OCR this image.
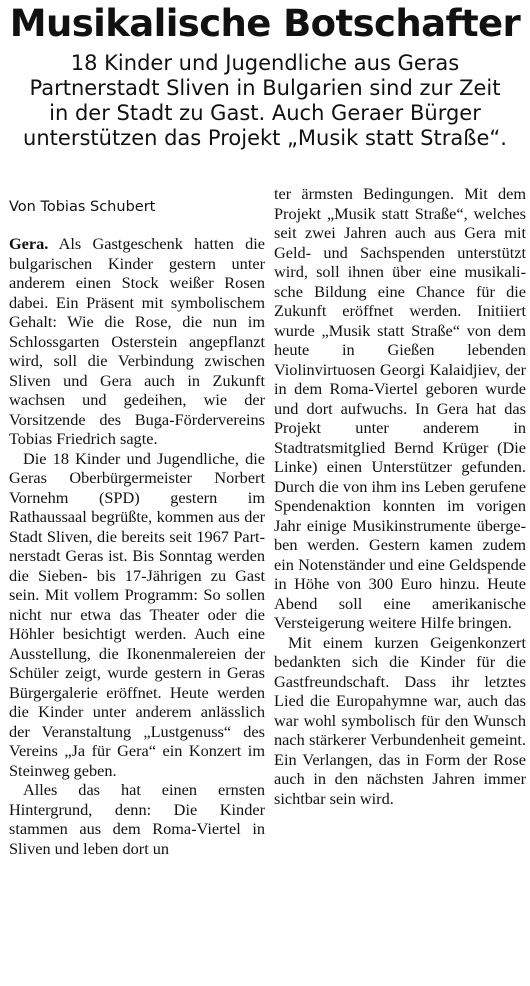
Musikalische Botschafter
18 Kinder und Jugendliche aus Geras
Partnerstadt Sliven in Bulgarien sind zur Zeit
in der Stadt zu Gast. Auch Geraer Bürger
unterstützen das Projekt „Musik statt Straße“.
Von Tobias Schubert

Gera. Als Gastgeschenk hatten die bulgarischen Kinder gestern unter anderem einen Stock weißer Rosen dabei. Ein Präsent mit symbolischem Gehalt: Wie die Rose, die nun im Schlossgarten Osterstein angepflanzt wird, soll die Verbindung zwischen Sliven und Gera auch in Zukunft wachsen und gedeihen, wie der Vorsitzende des Buga-Fördervereins Tobias Friedrich sagte.

Die 18 Kinder und Jugendliche, die Geras Oberbürgermeister Norbert Vornehm (SPD) gestern im Rathaussaal begrüßte, kommen aus der Stadt Sliven, die bereits seit 1967 Partnerstadt Geras ist. Bis Sonntag werden die Sieben- bis 17-Jährigen zu Gast sein. Mit vollem Programm: So sollen nicht nur etwa das Theater oder die Höhler besichtigt werden. Auch eine Ausstellung, die Ikonenmalereien der Schüler zeigt, wurde gestern in Geras Bürgergalerie eröffnet. Heute werden die Kinder unter anderem anlässlich der Veranstaltung „Lustgenuss“ des Vereins „Ja für Gera“ ein Konzert im Steinweg geben.

Alles das hat einen ernsten Hintergrund, denn: Die Kinder stammen aus dem Roma-Viertel in Sliven und leben dort un

ter ärmsten Bedingungen. Mit dem Projekt „Musik statt Straße“, welches seit zwei Jahren auch aus Gera mit Geld- und Sachspenden unterstützt wird, soll ihnen über eine musikalische Bildung eine Chance für die Zukunft eröffnet werden. Initiiert wurde „Musik statt Straße“ von dem heute in Gießen lebenden Violinvirtuosen Georgi Kalaidjiev, der in dem Roma-Viertel geboren wurde und dort aufwuchs. In Gera hat das Projekt unter anderem in Stadtratsmitglied Bernd Krüger (Die Linke) einen Unterstützer gefunden. Durch die von ihm ins Leben gerufene Spendenaktion konnten im vorigen Jahr einige Musikinstrumente übergeben werden. Gestern kamen zudem ein Notenständer und eine Geldspende in Höhe von 300 Euro hinzu. Heute Abend soll eine amerikanische Versteigerung weitere Hilfe bringen.

Mit einem kurzen Geigenkonzert bedankten sich die Kinder für die Gastfreundschaft. Dass ihr letztes Lied die Europahymne war, auch das war wohl symbolisch für den Wunsch nach stärkerer Verbundenheit gemeint. Ein Verlangen, das in Form der Rose auch in den nächsten Jahren immer sichtbar sein wird.
